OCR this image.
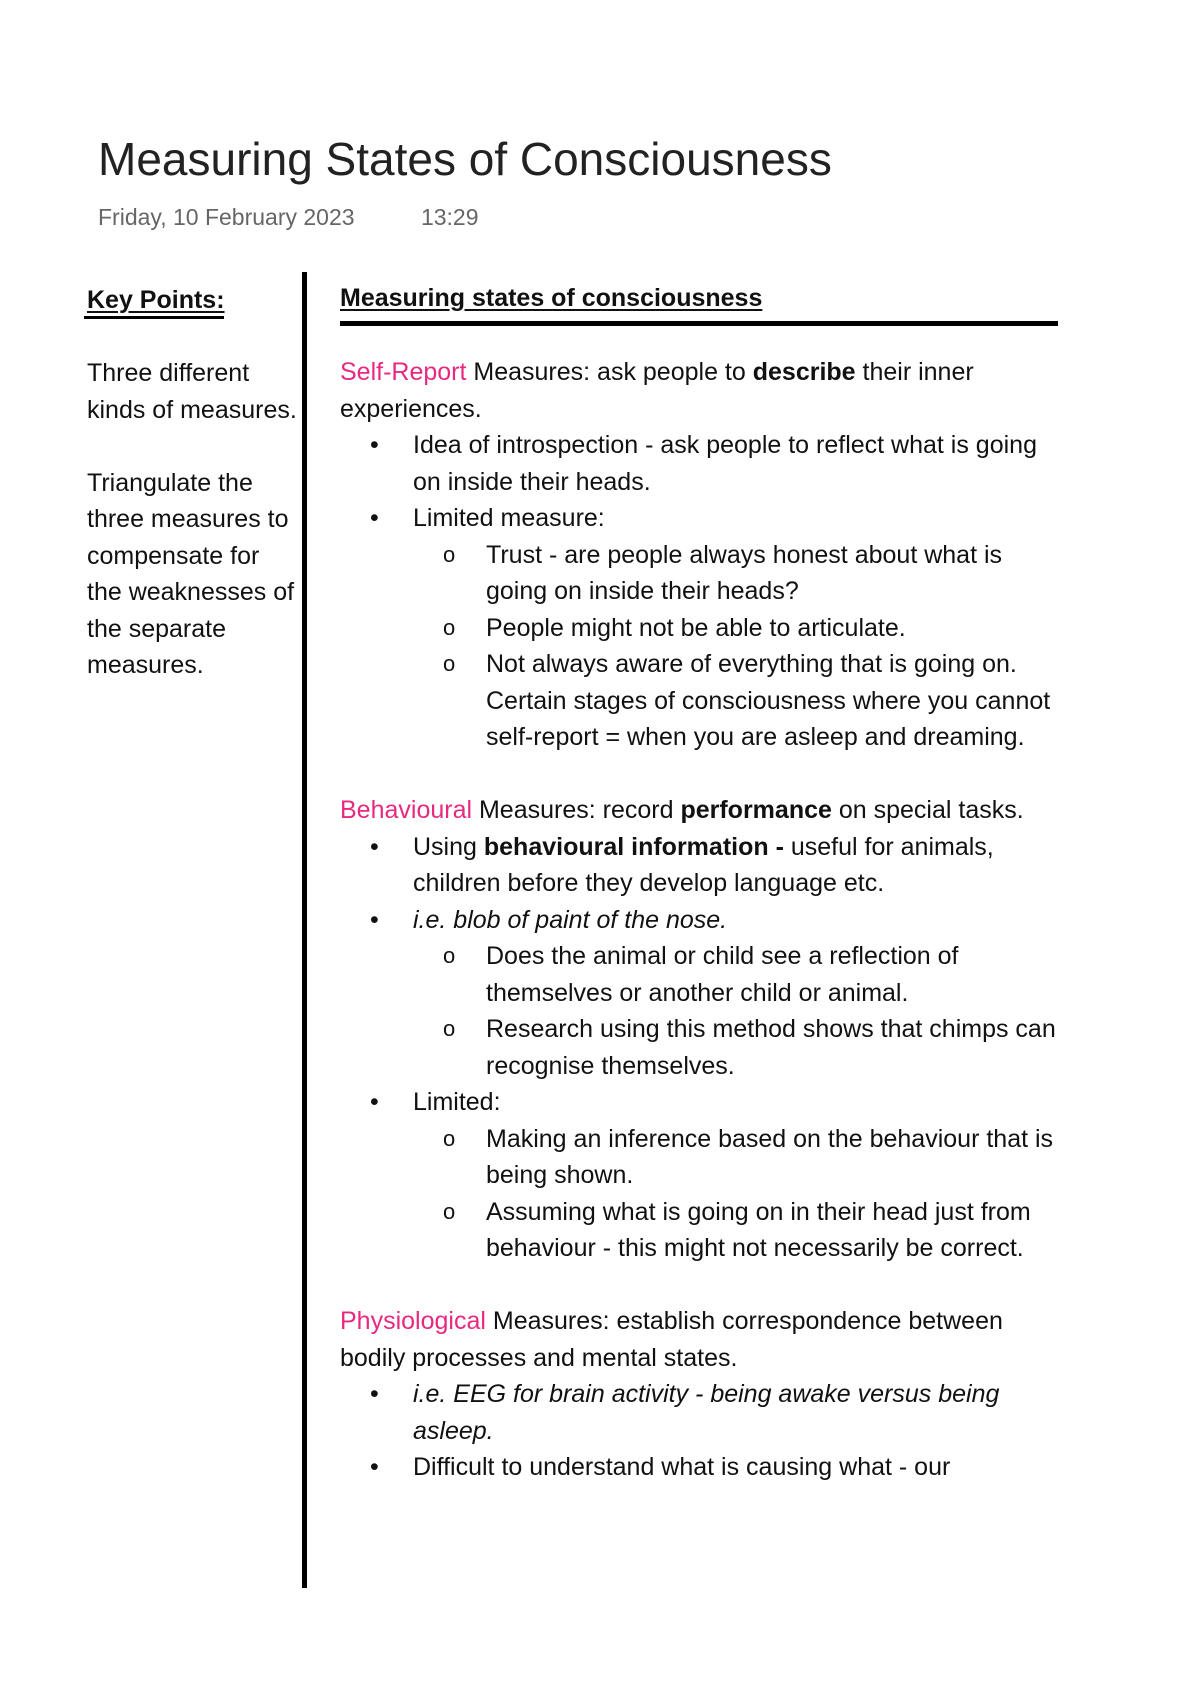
Measuring States of Consciousness
Friday, 10 February 2023	13:29
Key Points:	Measuring states of consciousness

Three different kinds of measures.

Triangulate the three measures to compensate for the weaknesses of the separate measures.

Self-Report Measures: ask people to describe their inner experiences.

• Idea of introspection - ask people to reflect what is going on inside their heads.
• Limited measure:
o Trust - are people always honest about what is going on inside their heads?
o People might not be able to articulate.
o Not always aware of everything that is going on. Certain stages of consciousness where you cannot self-report = when you are asleep and dreaming.

Behavioural Measures: record performance on special tasks.

• Using behavioural information - useful for animals, children before they develop language etc.
• i.e. blob of paint of the nose.
o Does the animal or child see a reflection of themselves or another child or animal.
o Research using this method shows that chimps can recognise themselves.
• Limited:
o Making an inference based on the behaviour that is being shown.
o Assuming what is going on in their head just from behaviour - this might not necessarily be correct.

Physiological Measures: establish correspondence between bodily processes and mental states.

• i.e. EEG for brain activity - being awake versus being asleep.
• Difficult to understand what is causing what - our
